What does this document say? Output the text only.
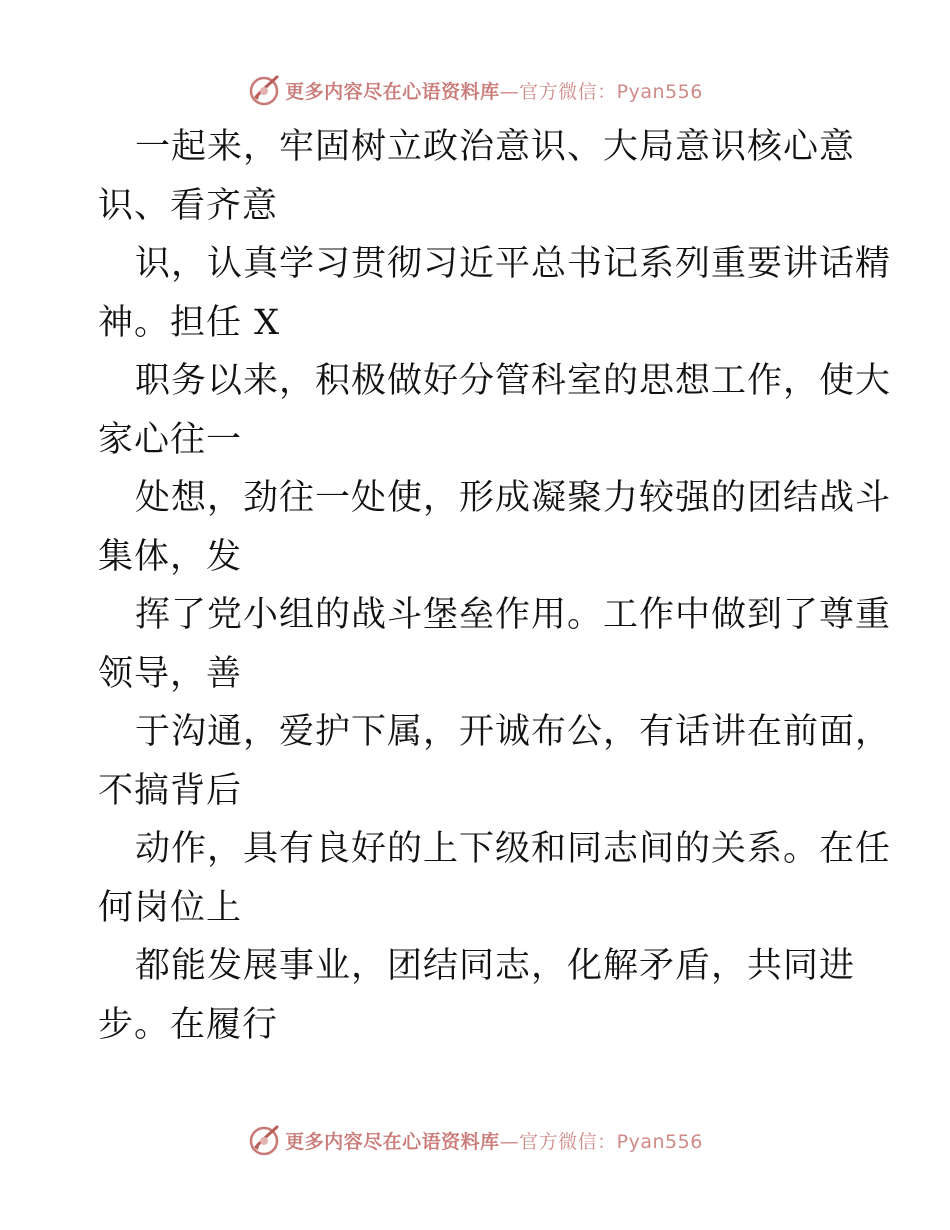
更多内容尽在心语资料库—官方微信：Pyan556
一起来，牢固树立政治意识、大局意识核心意
识、看齐意
识，认真学习贯彻习近平总书记系列重要讲话精
神。担任 X
职务以来，积极做好分管科室的思想工作，使大
家心往一
处想，劲往一处使，形成凝聚力较强的团结战斗
集体，发
挥了党小组的战斗堡垒作用。工作中做到了尊重
领导，善
于沟通，爱护下属，开诚布公，有话讲在前面，
不搞背后
动作，具有良好的上下级和同志间的关系。在任
何岗位上
都能发展事业，团结同志，化解矛盾，共同进
步。在履行
更多内容尽在心语资料库—官方微信：Pyan556
